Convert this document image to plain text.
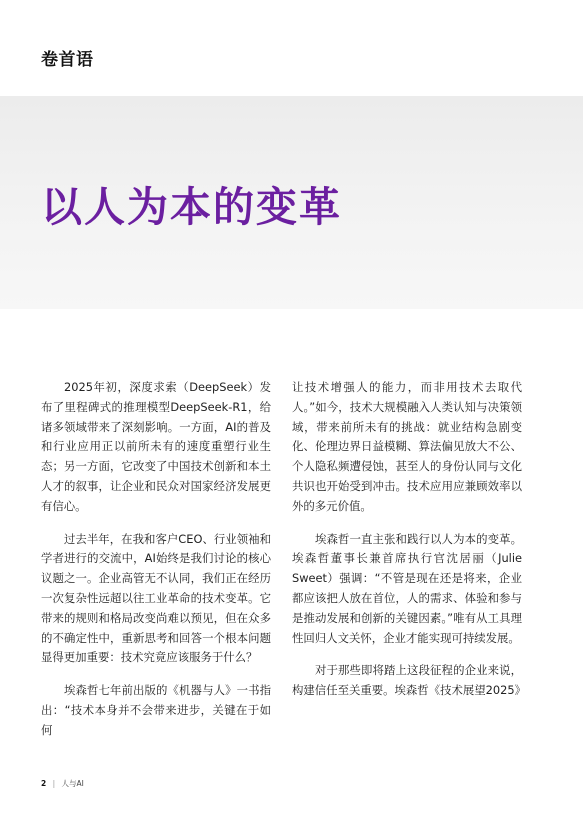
卷首语
以人为本的变革

2025年初，深度求索（DeepSeek）发布了里程碑式的推理模型DeepSeek-R1，给诸多领域带来了深刻影响。一方面，AI的普及和行业应用正以前所未有的速度重塑行业生态；另一方面，它改变了中国技术创新和本土人才的叙事，让企业和民众对国家经济发展更有信心。

过去半年，在我和客户CEO、行业领袖和学者进行的交流中，AI始终是我们讨论的核心议题之一。企业高管无不认同，我们正在经历一次复杂性远超以往工业革命的技术变革。它带来的规则和格局改变尚难以预见，但在众多的不确定性中，重新思考和回答一个根本问题显得更加重要：技术究竟应该服务于什么？

埃森哲七年前出版的《机器与人》一书指出：“技术本身并不会带来进步，关键在于如何

让技术增强人的能力，而非用技术去取代人。”如今，技术大规模融入人类认知与决策领域，带来前所未有的挑战：就业结构急剧变化、伦理边界日益模糊、算法偏见放大不公、个人隐私频遭侵蚀，甚至人的身份认同与文化共识也开始受到冲击。技术应用应兼顾效率以外的多元价值。

埃森哲一直主张和践行以人为本的变革。埃森哲董事长兼首席执行官沈居丽（Julie Sweet）强调：“不管是现在还是将来，企业都应该把人放在首位，人的需求、体验和参与是推动发展和创新的关键因素。”唯有从工具理性回归人文关怀，企业才能实现可持续发展。

对于那些即将踏上这段征程的企业来说，构建信任至关重要。埃森哲《技术展望2025》

2 | 人与AI
